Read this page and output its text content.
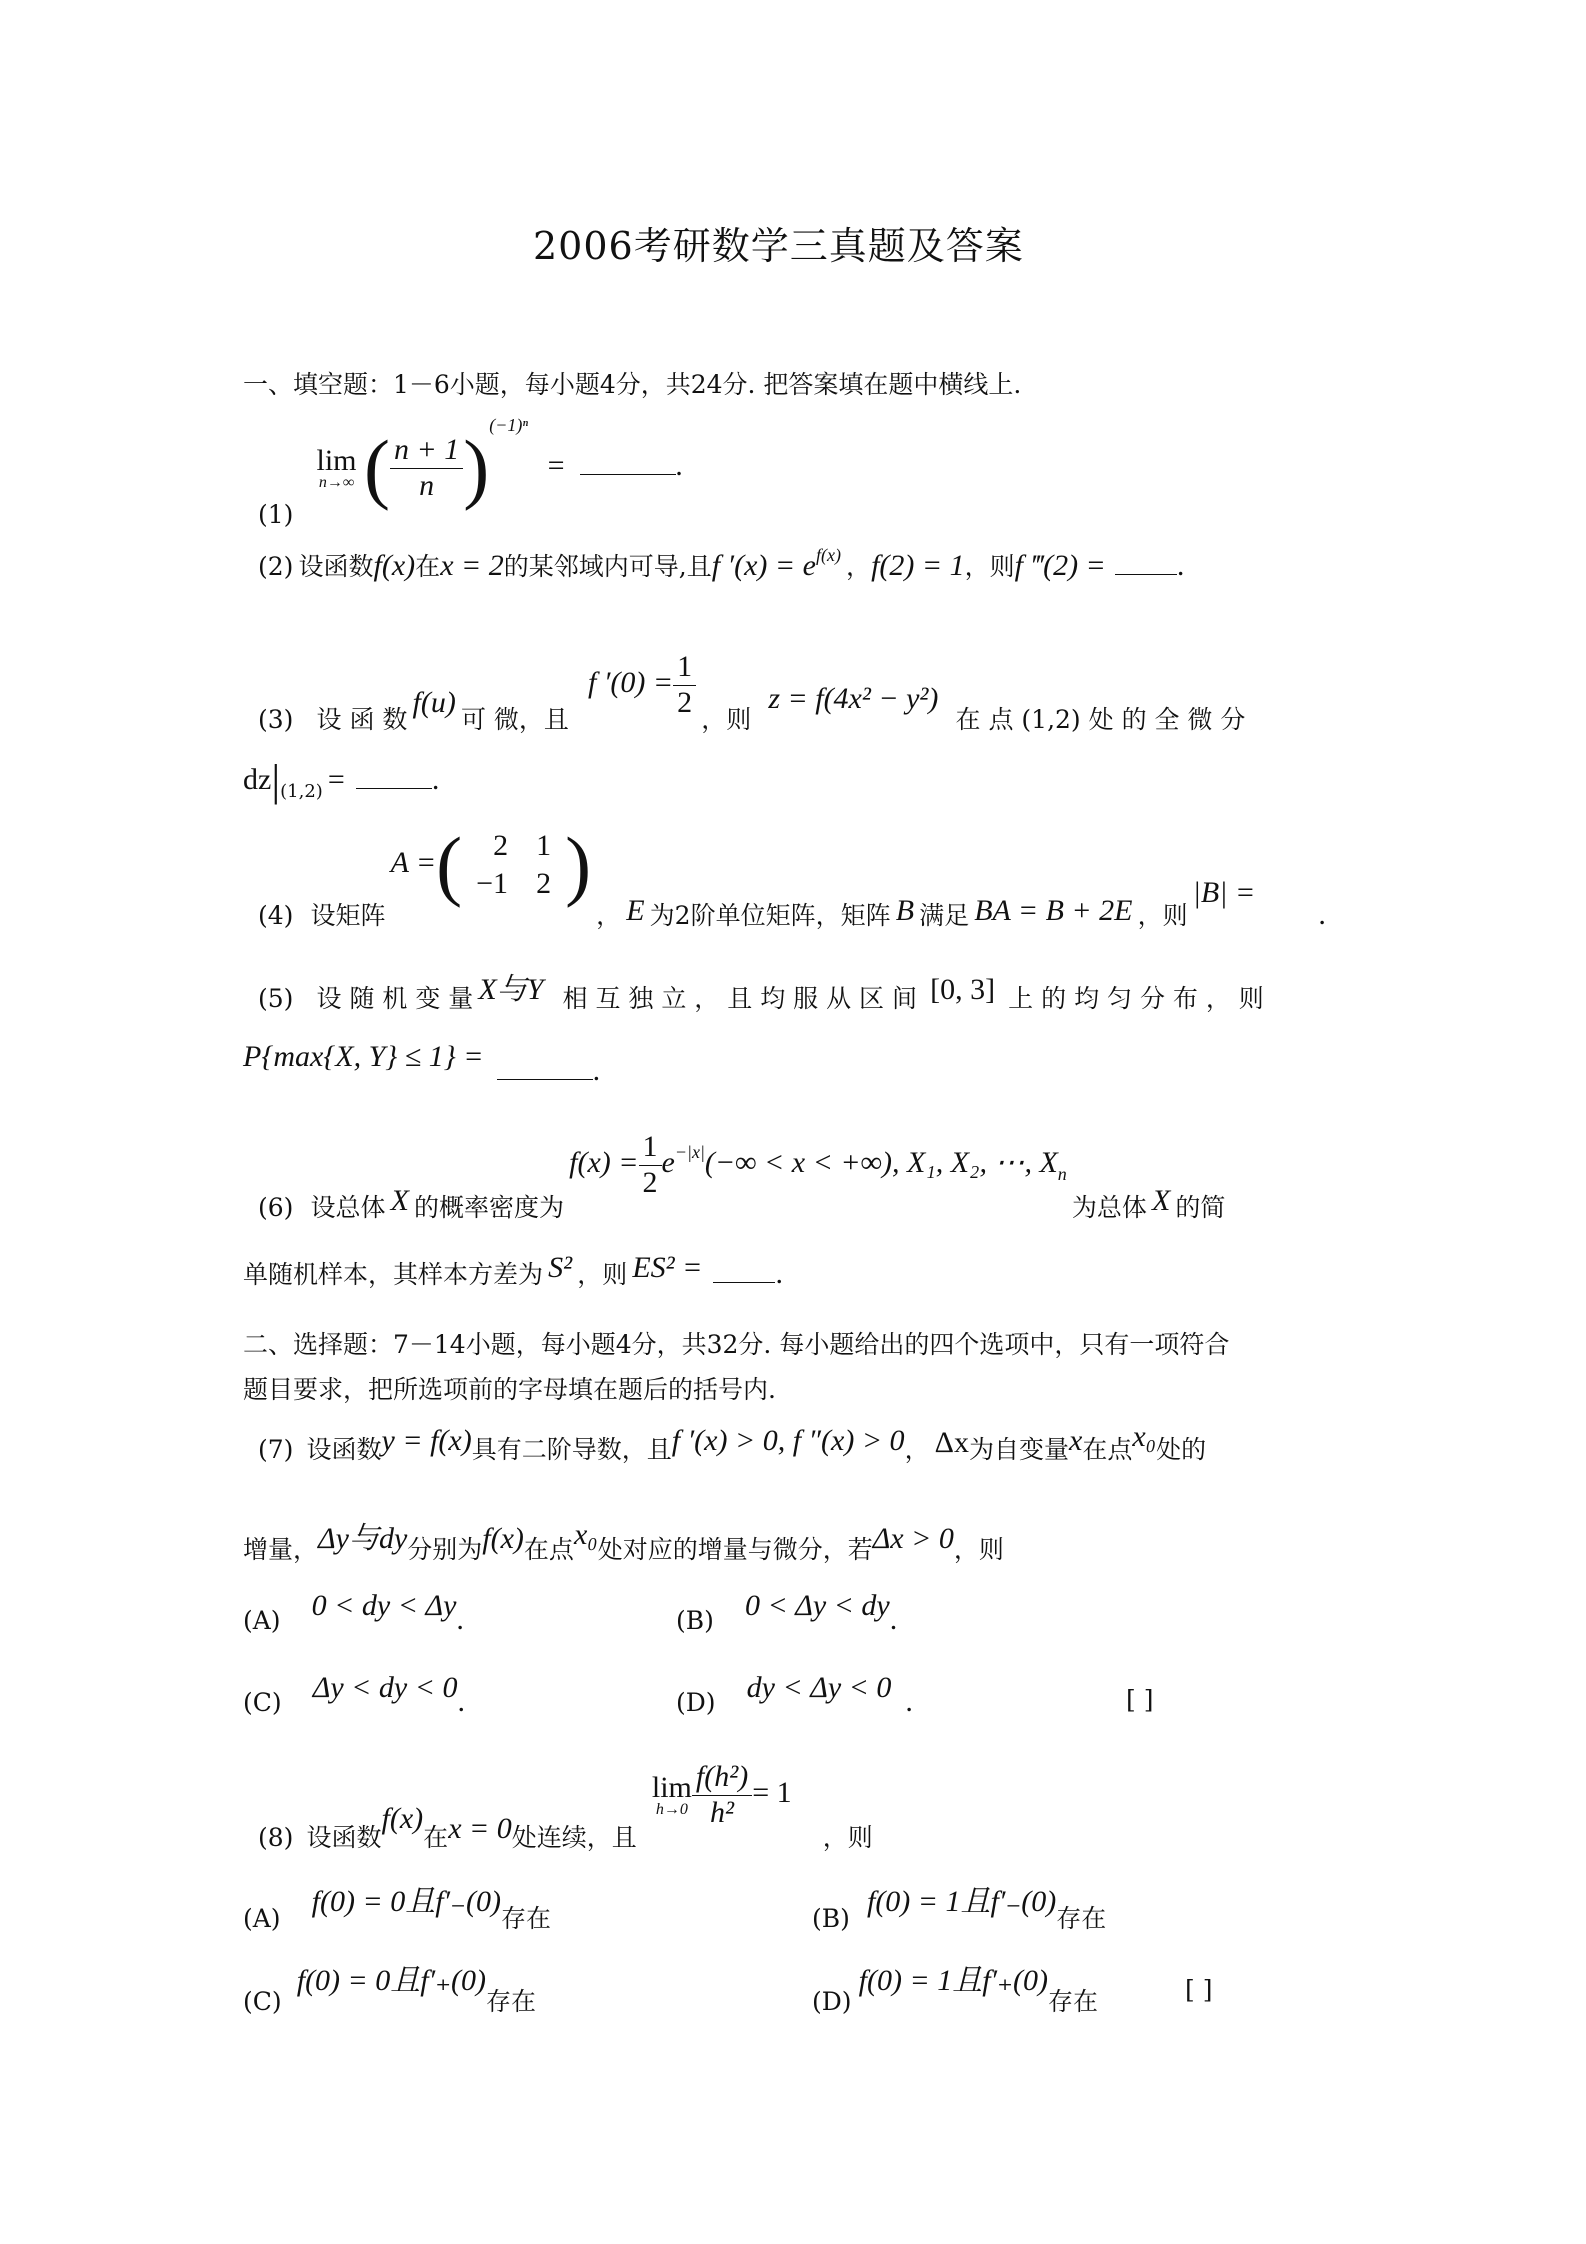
2006考研数学三真题及答案
一、填空题：1－6小题，每小题4分，共24分. 把答案填在题中横线上.
(1)
lim
n→∞ ( $\frac{n + 1}{n} )^{(-1)^n}$ =	.
(2) 设函数f(x)在x = 2的某邻域内可导,且f ′(x) = ef(x) ，f(2) = 1，则f ‴(2) = .
(3) 设 函 数 f(u) 可 微，且 f $'(0) = \frac{1}{2}$ ，则 z = f(4x² − y²) 在 点 (1,2) 处 的 全 微 分
dz|(1,2) =	.
(4) 设矩阵 A =( 2	1
−1	2 ) ， E 为2阶单位矩阵，矩阵 B 满足 BA = B + 2E ，则 |B| = .
(5) 设 随 机 变 量 X与Y 相 互 独 立 ， 且 均 服 从 区 间 [0, 3] 上 的 均 匀 分 布 ， 则
P{max{X, Y} ≤ 1} =	.
(6) 设总体 X 的概率密度为 $f(x) = \frac{1}{2} e^{-|x|}(-\infty < x$ < +∞), X₁, X₂, ⋯, $X_n$ 为总体 X 的简
单随机样本，其样本方差为 S² ，则 ES² = .
二、选择题：7－14小题，每小题4分，共32分. 每小题给出的四个选项中，只有一项符合
题目要求，把所选项前的字母填在题后的括号内.
(7) 设函数y = f(x)具有二阶导数，且f ′(x) > 0, f ″(x) > 0， Δx为自变量x在点x₀处的
增量，Δy与dy分别为f(x)在点x₀处对应的增量与微分，若Δx > 0，则
(A) 0 < dy < Δy.	(B) 0 < Δy < dy.
(C) Δy < dy < 0.	(D) dy < Δy < 0 .	[ ]
(8) 设函数f(x)在x = 0处连续，且
lim
$h\to 0 \frac{\text{f(h²)}}{\text{h²}} = 1$ ，则
(A) f(0) = 0且f′₋(0)存在	(B) f(0) = 1且f′₋(0)存在
(C) f(0) = 0且f′₊(0)存在	(D) f(0) = 1且f′₊(0)存在	[ ]
